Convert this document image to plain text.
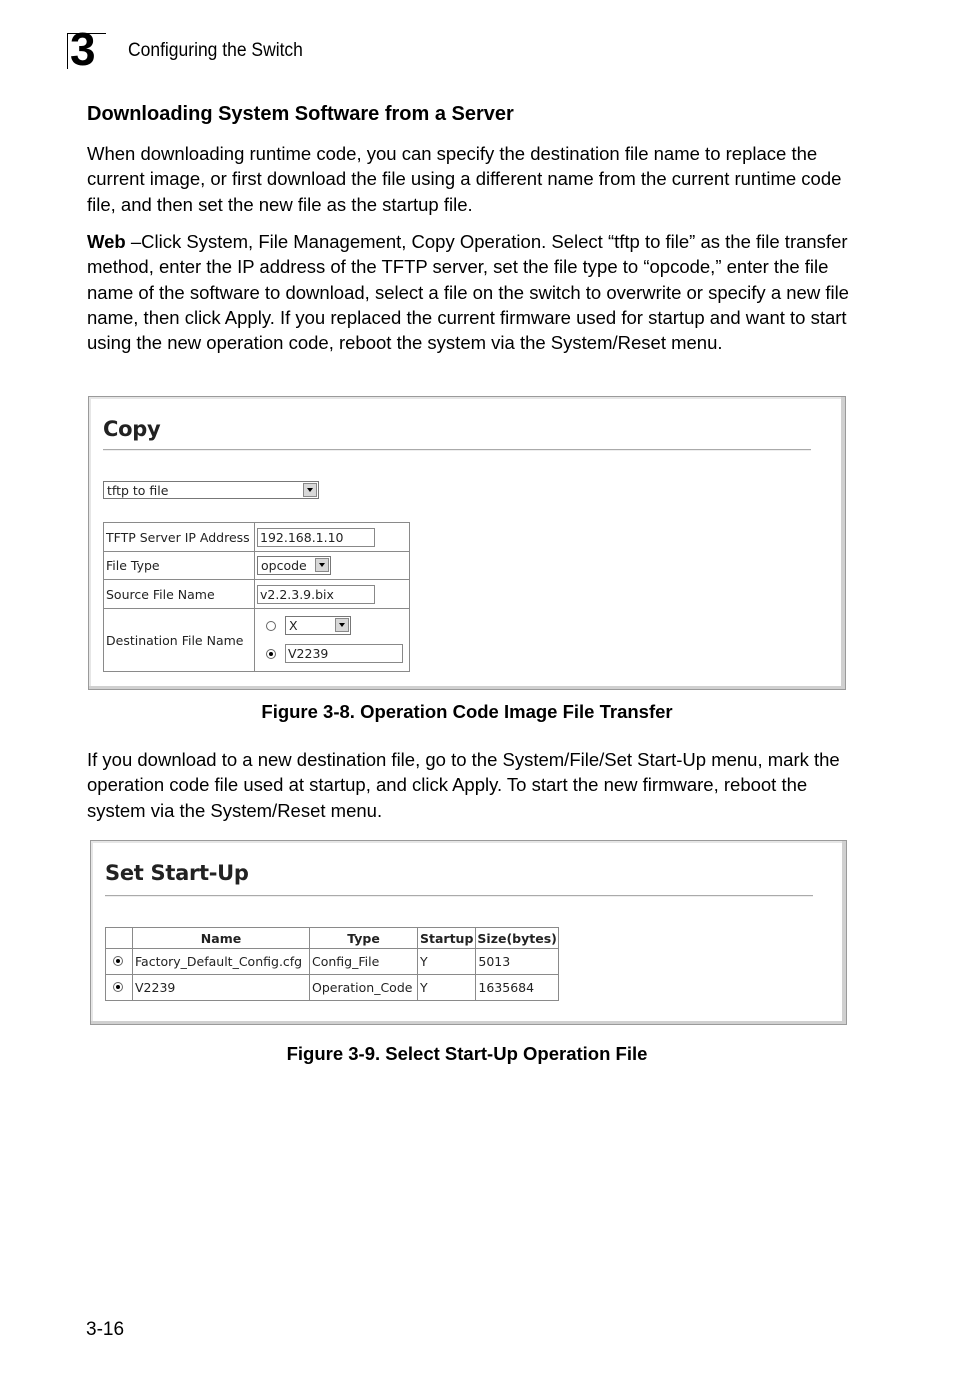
3 Configuring the Switch
Downloading System Software from a Server

When downloading runtime code, you can specify the destination file name to replace the current image, or first download the file using a different name from the current runtime code file, and then set the new file as the startup file.

Web –Click System, File Management, Copy Operation. Select “tftp to file” as the file transfer method, enter the IP address of the TFTP server, set the file type to “opcode,” enter the file name of the software to download, select a file on the switch to overwrite or specify a new file name, then click Apply. If you replaced the current firmware used for startup and want to start using the new operation code, reboot the system via the System/Reset menu.

Copy
tftp to file
TFTP Server IP Address	192.168.1.10

File Type	opcode

Source File Name	v2.2.3.9.bix

Destination File Name	X
V2239
Figure 3-8. Operation Code Image File Transfer

If you download to a new destination file, go to the System/File/Set Start-Up menu, mark the operation code file used at startup, and click Apply. To start the new firmware, reboot the system via the System/Reset menu.

Set Start-Up
	Name	Type	Startup	Size(bytes)

	Factory_Default_Config.cfg	Config_File	Y	5013

	V2239	Operation_Code	Y	1635684
Figure 3-9. Select Start-Up Operation File
3-16
